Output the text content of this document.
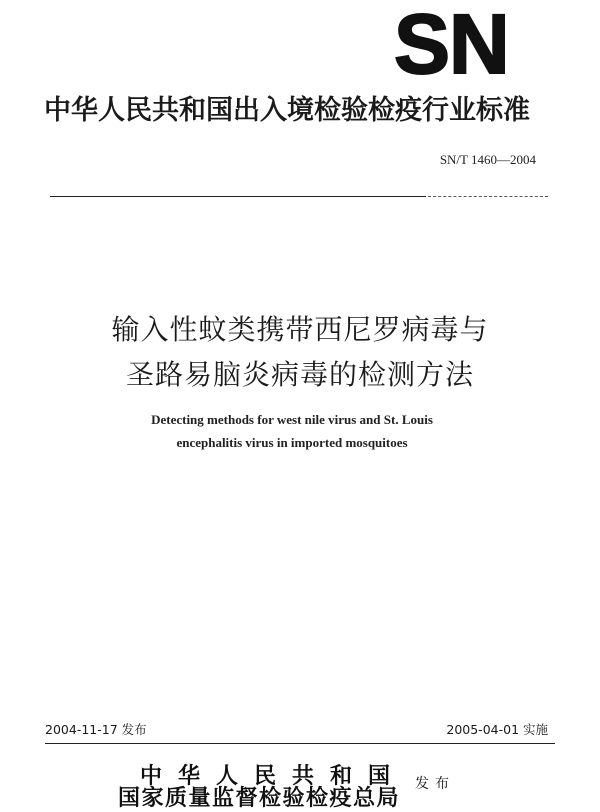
SN
中华人民共和国出入境检验检疫行业标准
SN/T 1460—2004
输入性蚊类携带西尼罗病毒与
圣路易脑炎病毒的检测方法
Detecting methods for west nile virus and St. Louis
encephalitis virus in imported mosquitoes
2004-11-17 发布	2005-04-01 实施
中华人民共和国 发布
国家质量监督检验检疫总局
